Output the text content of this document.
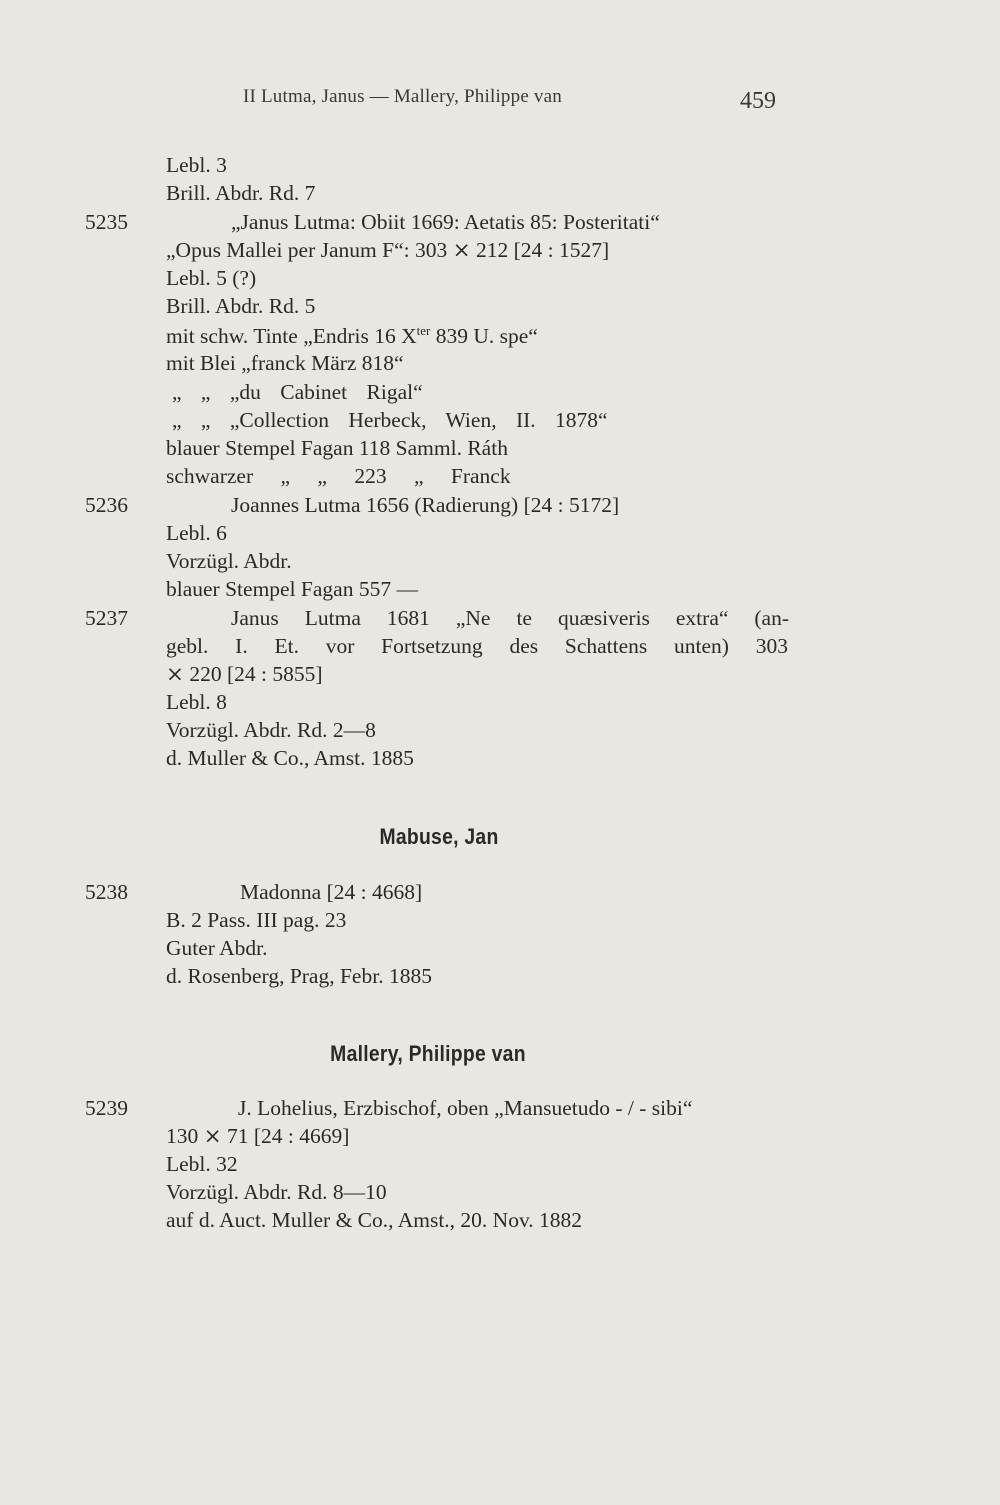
II Lutma, Janus — Mallery, Philippe van	459
Lebl. 3
Brill. Abdr. Rd. 7
5235	„Janus Lutma: Obiit 1669: Aetatis 85: Posteritati“
„Opus Mallei per Janum F“: 303 ⨯ 212 [24 : 1527]
Lebl. 5 (?)
Brill. Abdr. Rd. 5
mit schw. Tinte „Endris 16 $X^{ter}$ 839 U. spe“
mit Blei „franck März 818“
„ „ „du Cabinet Rigal“
„ „ „Collection Herbeck, Wien, II. 1878“
blauer Stempel Fagan 118 Samml. Ráth
schwarzer „ „ 223 „ Franck
5236	Joannes Lutma 1656 (Radierung) [24 : 5172]
Lebl. 6
Vorzügl. Abdr.
blauer Stempel Fagan 557 —
5237	Janus Lutma 1681 „Ne te quæsiveris extra“ (an-
gebl. I. Et. vor Fortsetzung des Schattens unten) 303
⨯ 220 [24 : 5855]
Lebl. 8
Vorzügl. Abdr. Rd. 2—8
d. Muller & Co., Amst. 1885
Mabuse, Jan
5238	Madonna [24 : 4668]
B. 2 Pass. III pag. 23
Guter Abdr.
d. Rosenberg, Prag, Febr. 1885
Mallery, Philippe van
5239	J. Lohelius, Erzbischof, oben „Mansuetudo - / - sibi“
130 ⨯ 71 [24 : 4669]
Lebl. 32
Vorzügl. Abdr. Rd. 8—10
auf d. Auct. Muller & Co., Amst., 20. Nov. 1882
